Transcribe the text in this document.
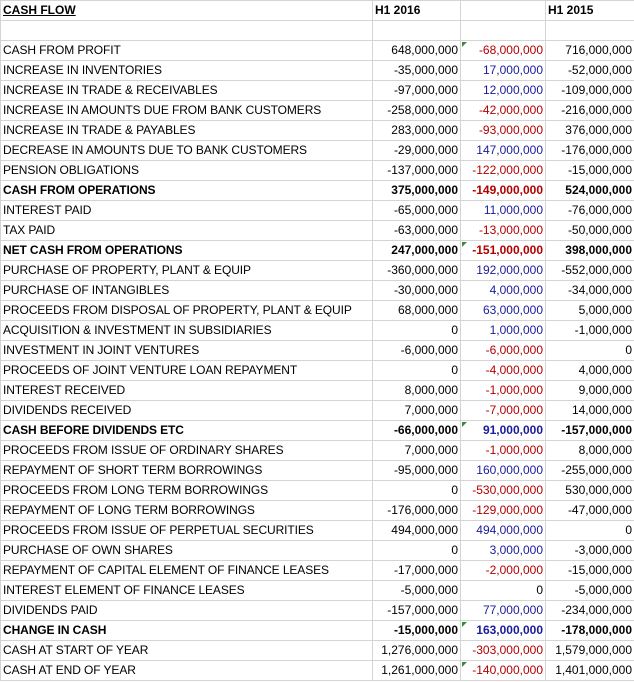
CASH FLOW	H1 2016		H1 2015

CASH FROM PROFIT	648,000,000	-68,000,000	716,000,000
INCREASE IN INVENTORIES	-35,000,000	17,000,000	-52,000,000
INCREASE IN TRADE & RECEIVABLES	-97,000,000	12,000,000	-109,000,000
INCREASE IN AMOUNTS DUE FROM BANK CUSTOMERS	-258,000,000	-42,000,000	-216,000,000
INCREASE IN TRADE & PAYABLES	283,000,000	-93,000,000	376,000,000
DECREASE IN AMOUNTS DUE TO BANK CUSTOMERS	-29,000,000	147,000,000	-176,000,000
PENSION OBLIGATIONS	-137,000,000	-122,000,000	-15,000,000
CASH FROM OPERATIONS	375,000,000	-149,000,000	524,000,000
INTEREST PAID	-65,000,000	11,000,000	-76,000,000
TAX PAID	-63,000,000	-13,000,000	-50,000,000
NET CASH FROM OPERATIONS	247,000,000	-151,000,000	398,000,000
PURCHASE OF PROPERTY, PLANT & EQUIP	-360,000,000	192,000,000	-552,000,000
PURCHASE OF INTANGIBLES	-30,000,000	4,000,000	-34,000,000
PROCEEDS FROM DISPOSAL OF PROPERTY, PLANT & EQUIP	68,000,000	63,000,000	5,000,000
ACQUISITION & INVESTMENT IN SUBSIDIARIES	0	1,000,000	-1,000,000
INVESTMENT IN JOINT VENTURES	-6,000,000	-6,000,000	0
PROCEEDS OF JOINT VENTURE LOAN REPAYMENT	0	-4,000,000	4,000,000
INTEREST RECEIVED	8,000,000	-1,000,000	9,000,000
DIVIDENDS RECEIVED	7,000,000	-7,000,000	14,000,000
CASH BEFORE DIVIDENDS ETC	-66,000,000	91,000,000	-157,000,000
PROCEEDS FROM ISSUE OF ORDINARY SHARES	7,000,000	-1,000,000	8,000,000
REPAYMENT OF SHORT TERM BORROWINGS	-95,000,000	160,000,000	-255,000,000
PROCEEDS FROM LONG TERM BORROWINGS	0	-530,000,000	530,000,000
REPAYMENT OF LONG TERM BORROWINGS	-176,000,000	-129,000,000	-47,000,000
PROCEEDS FROM ISSUE OF PERPETUAL SECURITIES	494,000,000	494,000,000	0
PURCHASE OF OWN SHARES	0	3,000,000	-3,000,000
REPAYMENT OF CAPITAL ELEMENT OF FINANCE LEASES	-17,000,000	-2,000,000	-15,000,000
INTEREST ELEMENT OF FINANCE LEASES	-5,000,000	0	-5,000,000
DIVIDENDS PAID	-157,000,000	77,000,000	-234,000,000
CHANGE IN CASH	-15,000,000	163,000,000	-178,000,000
CASH AT START OF YEAR	1,276,000,000	-303,000,000	1,579,000,000
CASH AT END OF YEAR	1,261,000,000	-140,000,000	1,401,000,000
